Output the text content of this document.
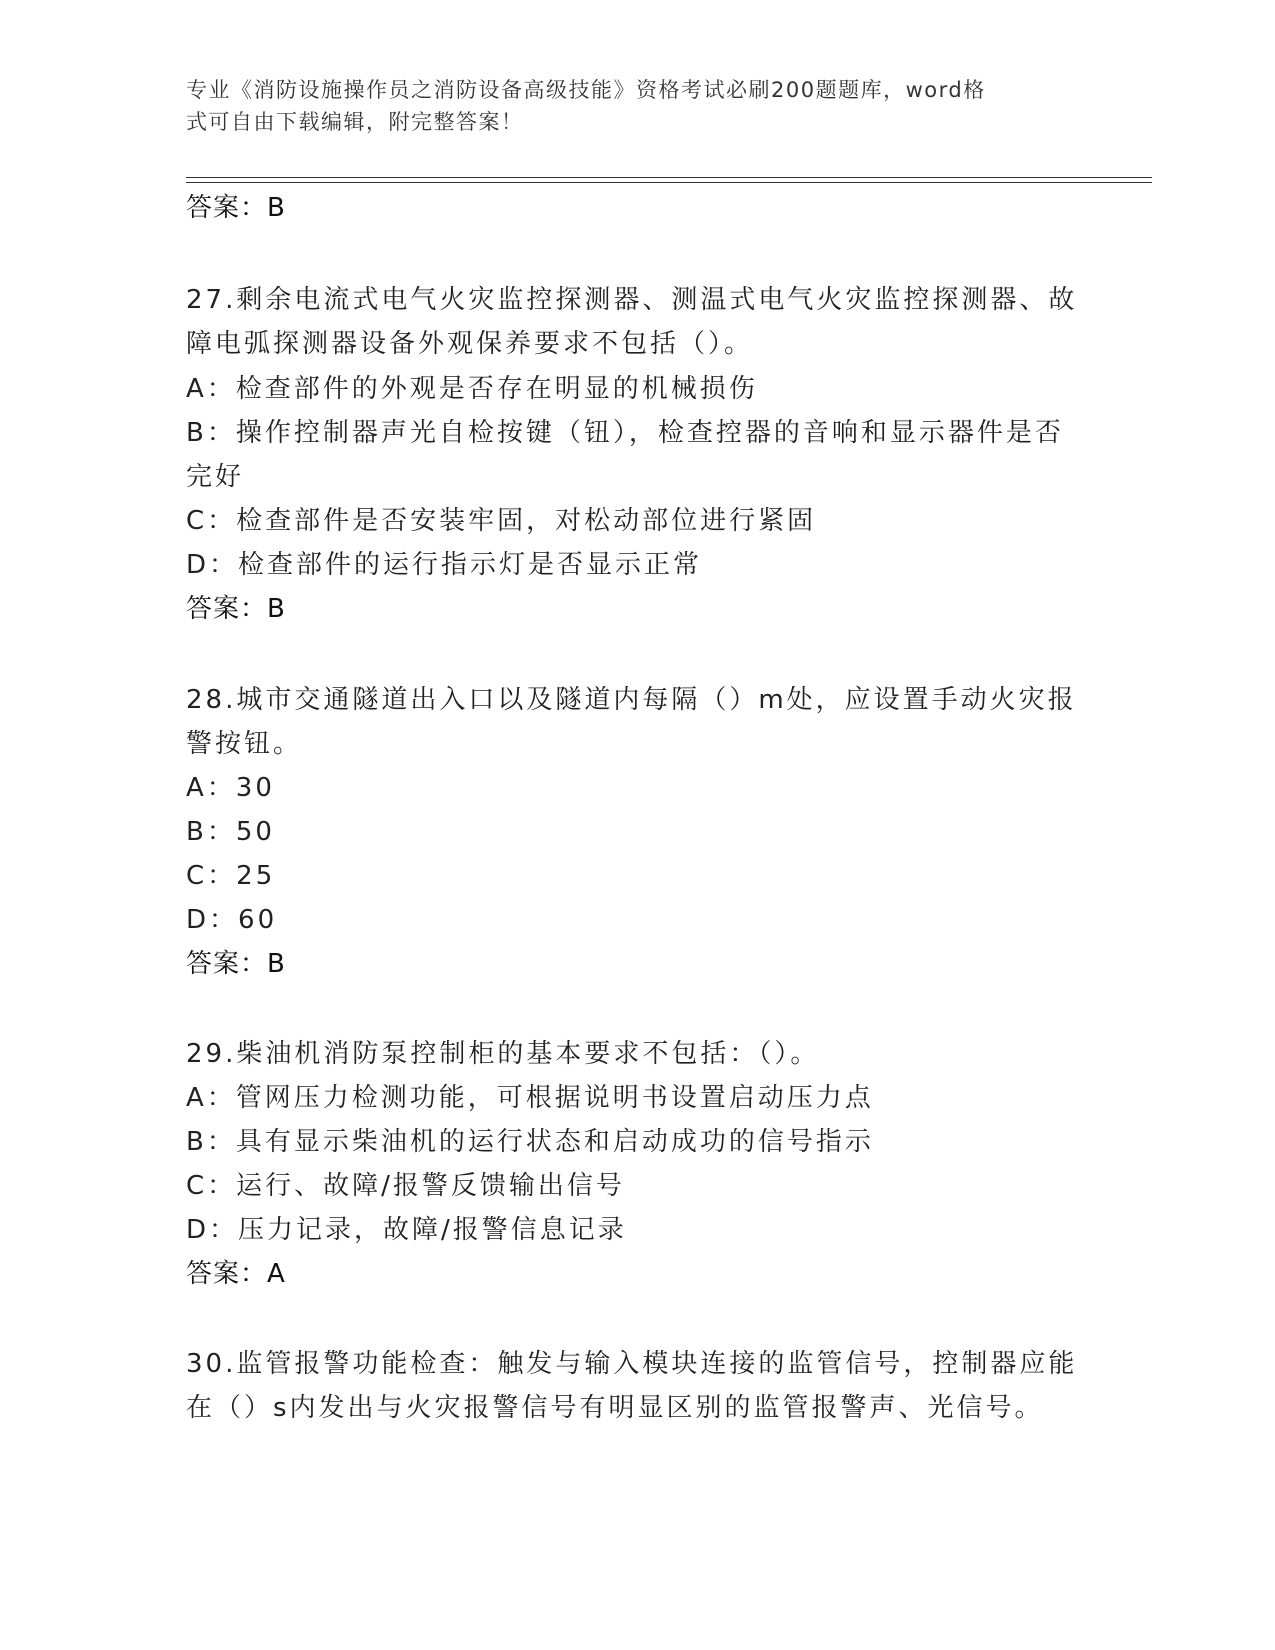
专业《消防设施操作员之消防设备高级技能》资格考试必刷200题题库，word格
式可自由下载编辑，附完整答案！
答案：B
27.剩余电流式电气火灾监控探测器、测温式电气火灾监控探测器、故
障电弧探测器设备外观保养要求不包括（）。
A：检查部件的外观是否存在明显的机械损伤
B：操作控制器声光自检按键（钮），检查控器的音响和显示器件是否
完好
C：检查部件是否安装牢固，对松动部位进行紧固
D：检查部件的运行指示灯是否显示正常
答案：B
28.城市交通隧道出入口以及隧道内每隔（）m处，应设置手动火灾报
警按钮。
A：30
B：50
C：25
D：60
答案：B
29.柴油机消防泵控制柜的基本要求不包括：（）。
A：管网压力检测功能，可根据说明书设置启动压力点
B：具有显示柴油机的运行状态和启动成功的信号指示
C：运行、故障/报警反馈输出信号
D：压力记录，故障/报警信息记录
答案：A
30.监管报警功能检查：触发与输入模块连接的监管信号，控制器应能
在（）s内发出与火灾报警信号有明显区别的监管报警声、光信号。
